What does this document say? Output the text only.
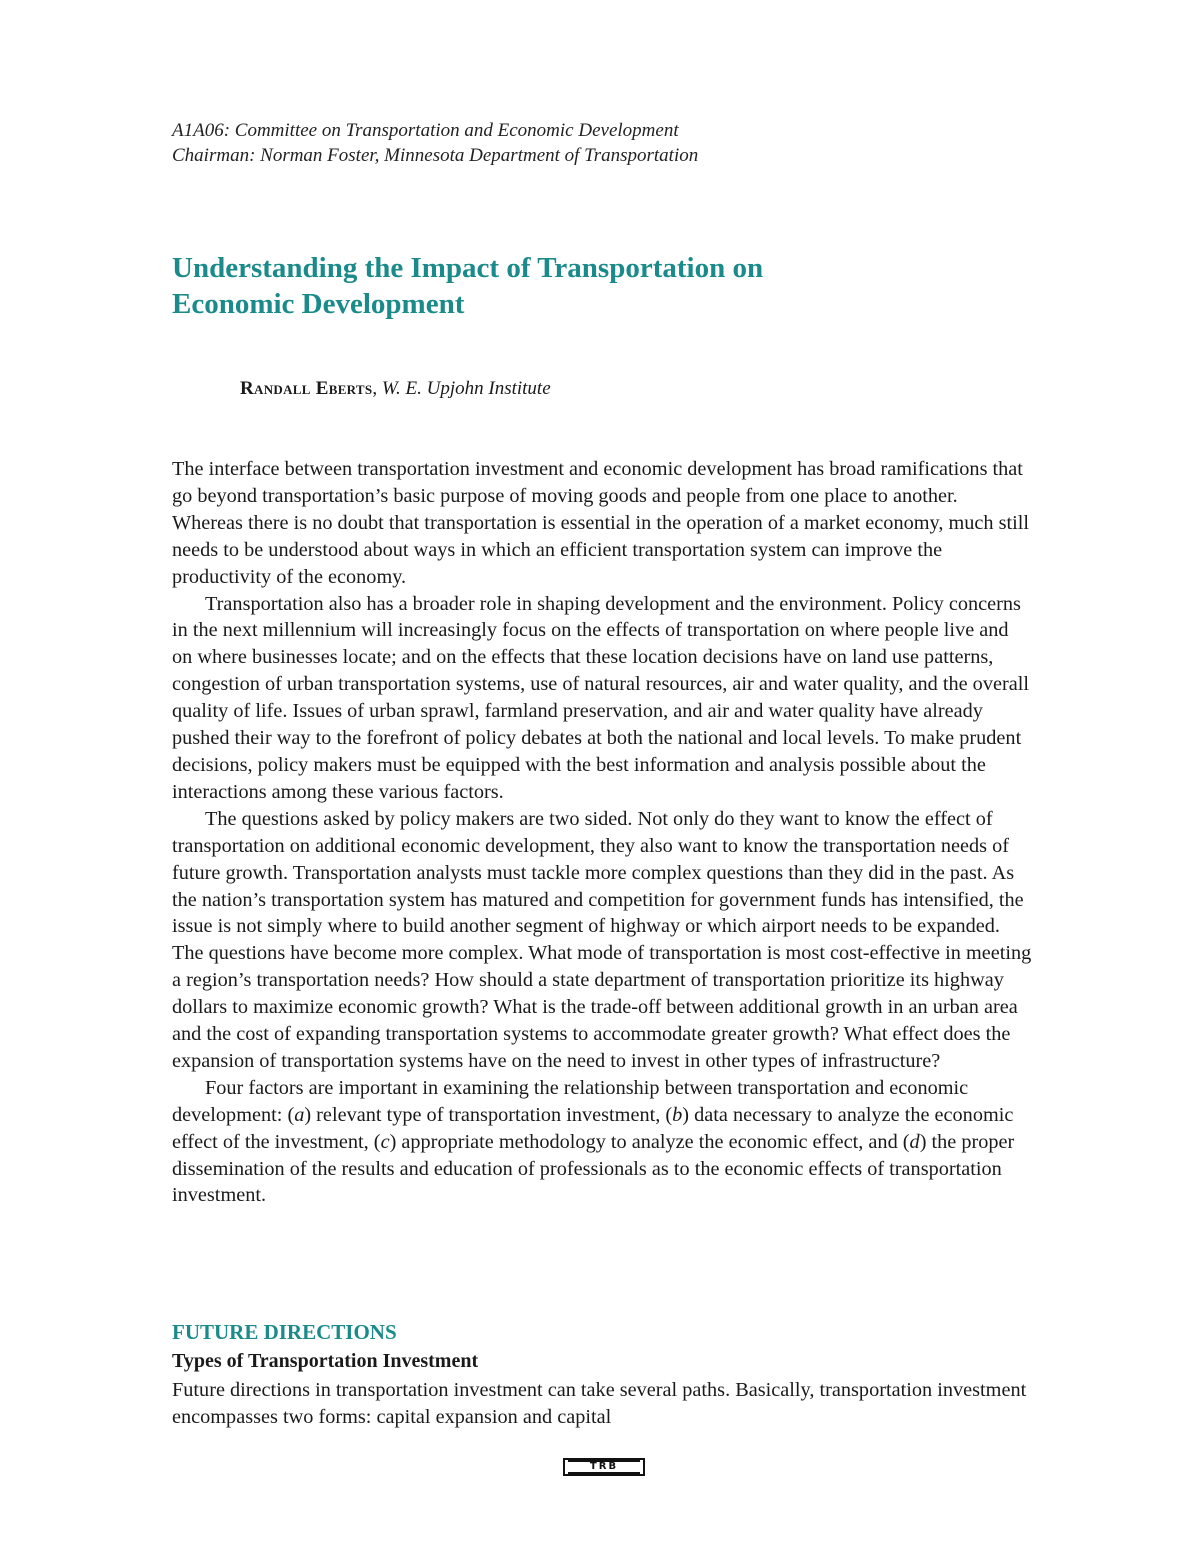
A1A06: Committee on Transportation and Economic Development
Chairman: Norman Foster, Minnesota Department of Transportation
Understanding the Impact of Transportation on
Economic Development
Randall Eberts, W. E. Upjohn Institute

The interface between transportation investment and economic development has broad ramifications that go beyond transportation’s basic purpose of moving goods and people from one place to another. Whereas there is no doubt that transportation is essential in the operation of a market economy, much still needs to be understood about ways in which an efficient transportation system can improve the productivity of the economy.

Transportation also has a broader role in shaping development and the environment. Policy concerns in the next millennium will increasingly focus on the effects of transportation on where people live and on where businesses locate; and on the effects that these location decisions have on land use patterns, congestion of urban transportation systems, use of natural resources, air and water quality, and the overall quality of life. Issues of urban sprawl, farmland preservation, and air and water quality have already pushed their way to the forefront of policy debates at both the national and local levels. To make prudent decisions, policy makers must be equipped with the best information and analysis possible about the interactions among these various factors.

The questions asked by policy makers are two sided. Not only do they want to know the effect of transportation on additional economic development, they also want to know the transportation needs of future growth. Transportation analysts must tackle more complex questions than they did in the past. As the nation’s transportation system has matured and competition for government funds has intensified, the issue is not simply where to build another segment of highway or which airport needs to be expanded. The questions have become more complex. What mode of transportation is most cost-effective in meeting a region’s transportation needs? How should a state department of transportation prioritize its highway dollars to maximize economic growth? What is the trade-off between additional growth in an urban area and the cost of expanding transportation systems to accommodate greater growth? What effect does the expansion of transportation systems have on the need to invest in other types of infrastructure?

Four factors are important in examining the relationship between transportation and economic development: (a) relevant type of transportation investment, (b) data necessary to analyze the economic effect of the investment, (c) appropriate methodology to analyze the economic effect, and (d) the proper dissemination of the results and education of professionals as to the economic effects of transportation investment.

FUTURE DIRECTIONS
Types of Transportation Investment

Future directions in transportation investment can take several paths. Basically, transportation investment encompasses two forms: capital expansion and capital

TRB
